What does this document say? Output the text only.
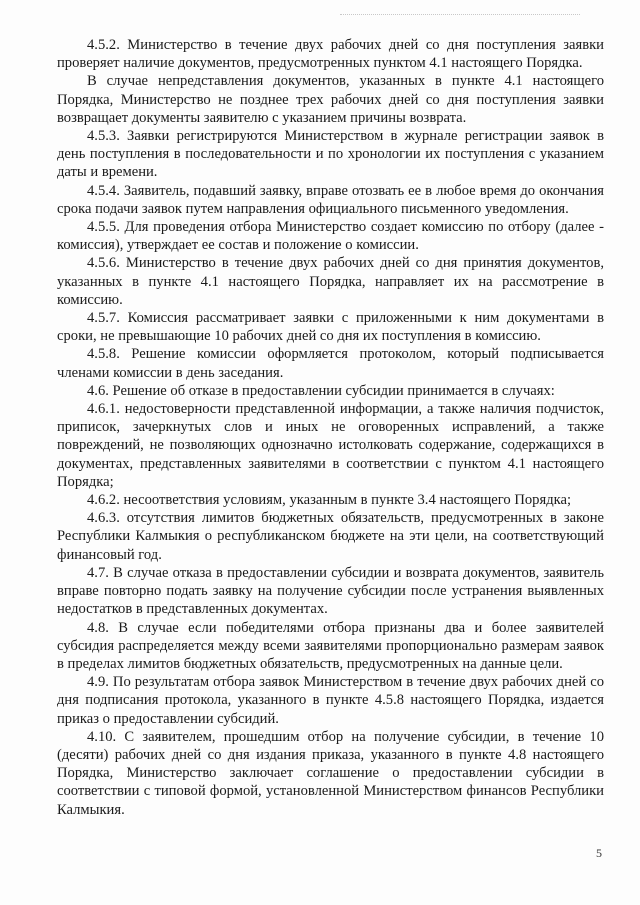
4.5.2. Министерство в течение двух рабочих дней со дня поступления заявки проверяет наличие документов, предусмотренных пунктом 4.1 настоящего Порядка.

В случае непредставления документов, указанных в пункте 4.1 настоящего Порядка, Министерство не позднее трех рабочих дней со дня поступления заявки возвращает документы заявителю с указанием причины возврата.

4.5.3. Заявки регистрируются Министерством в журнале регистрации заявок в день поступления в последовательности и по хронологии их поступления с указанием даты и времени.

4.5.4. Заявитель, подавший заявку, вправе отозвать ее в любое время до окончания срока подачи заявок путем направления официального письменного уведомления.

4.5.5. Для проведения отбора Министерство создает комиссию по отбору (далее - комиссия), утверждает ее состав и положение о комиссии.

4.5.6. Министерство в течение двух рабочих дней со дня принятия документов, указанных в пункте 4.1 настоящего Порядка, направляет их на рассмотрение в комиссию.

4.5.7. Комиссия рассматривает заявки с приложенными к ним документами в сроки, не превышающие 10 рабочих дней со дня их поступления в комиссию.

4.5.8. Решение комиссии оформляется протоколом, который подписывается членами комиссии в день заседания.

4.6. Решение об отказе в предоставлении субсидии принимается в случаях:

4.6.1. недостоверности представленной информации, а также наличия подчисток, приписок, зачеркнутых слов и иных не оговоренных исправлений, а также повреждений, не позволяющих однозначно истолковать содержание, содержащихся в документах, представленных заявителями в соответствии с пунктом 4.1 настоящего Порядка;

4.6.2. несоответствия условиям, указанным в пункте 3.4 настоящего Порядка;

4.6.3. отсутствия лимитов бюджетных обязательств, предусмотренных в законе Республики Калмыкия о республиканском бюджете на эти цели, на соответствующий финансовый год.

4.7. В случае отказа в предоставлении субсидии и возврата документов, заявитель вправе повторно подать заявку на получение субсидии после устранения выявленных недостатков в представленных документах.

4.8. В случае если победителями отбора признаны два и более заявителей субсидия распределяется между всеми заявителями пропорционально размерам заявок в пределах лимитов бюджетных обязательств, предусмотренных на данные цели.

4.9. По результатам отбора заявок Министерством в течение двух рабочих дней со дня подписания протокола, указанного в пункте 4.5.8 настоящего Порядка, издается приказ о предоставлении субсидий.

4.10. С заявителем, прошедшим отбор на получение субсидии, в течение 10 (десяти) рабочих дней со дня издания приказа, указанного в пункте 4.8 настоящего Порядка, Министерство заключает соглашение о предоставлении субсидии в соответствии с типовой формой, установленной Министерством финансов Республики Калмыкия.

5
